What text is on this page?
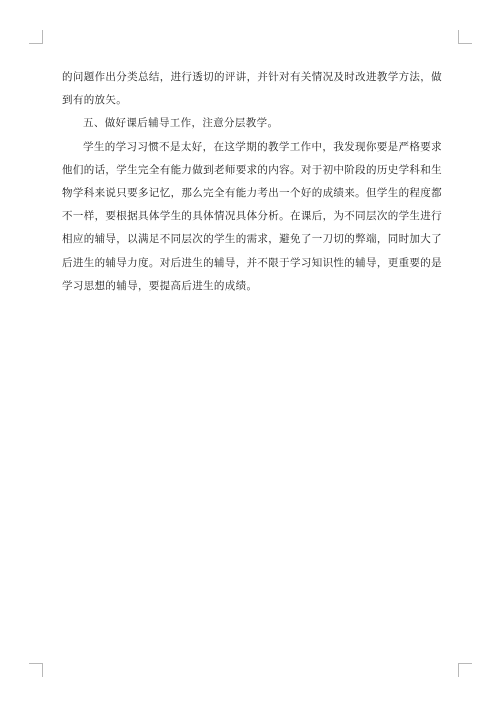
的问题作出分类总结，进行透切的评讲，并针对有关情况及时改进教学方法，做到有的放矢。

五、做好课后辅导工作，注意分层教学。

学生的学习习惯不是太好，在这学期的教学工作中，我发现你要是严格要求他们的话，学生完全有能力做到老师要求的内容。对于初中阶段的历史学科和生物学科来说只要多记忆，那么完全有能力考出一个好的成绩来。但学生的程度都不一样，要根据具体学生的具体情况具体分析。在课后，为不同层次的学生进行相应的辅导，以满足不同层次的学生的需求，避免了一刀切的弊端，同时加大了后进生的辅导力度。对后进生的辅导，并不限于学习知识性的辅导，更重要的是学习思想的辅导，要提高后进生的成绩。
